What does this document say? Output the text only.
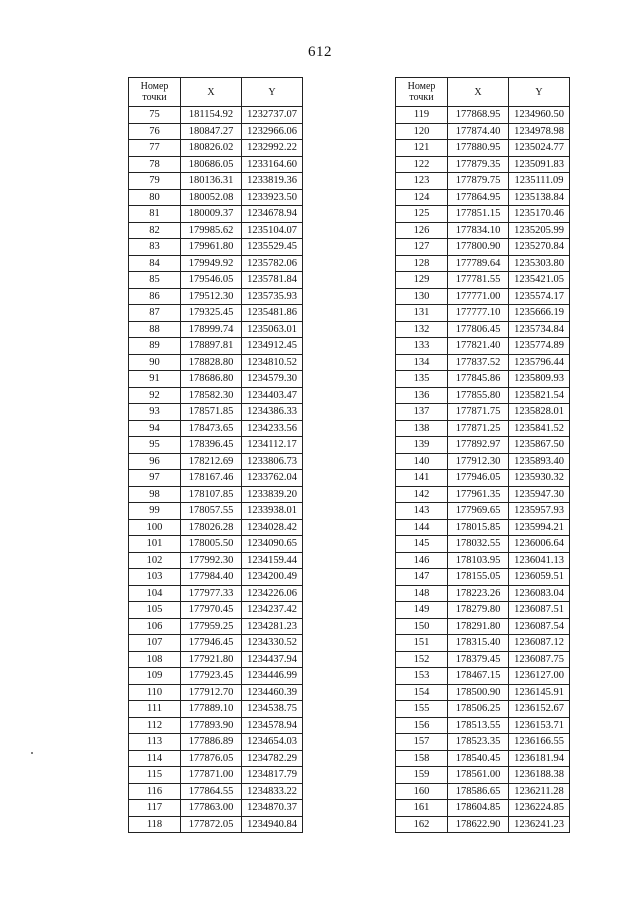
612
Номер
точки	X	Y
75	181154.92	1232737.07
76	180847.27	1232966.06
77	180826.02	1232992.22
78	180686.05	1233164.60
79	180136.31	1233819.36
80	180052.08	1233923.50
81	180009.37	1234678.94
82	179985.62	1235104.07
83	179961.80	1235529.45
84	179949.92	1235782.06
85	179546.05	1235781.84
86	179512.30	1235735.93
87	179325.45	1235481.86
88	178999.74	1235063.01
89	178897.81	1234912.45
90	178828.80	1234810.52
91	178686.80	1234579.30
92	178582.30	1234403.47
93	178571.85	1234386.33
94	178473.65	1234233.56
95	178396.45	1234112.17
96	178212.69	1233806.73
97	178167.46	1233762.04
98	178107.85	1233839.20
99	178057.55	1233938.01
100	178026.28	1234028.42
101	178005.50	1234090.65
102	177992.30	1234159.44
103	177984.40	1234200.49
104	177977.33	1234226.06
105	177970.45	1234237.42
106	177959.25	1234281.23
107	177946.45	1234330.52
108	177921.80	1234437.94
109	177923.45	1234446.99
110	177912.70	1234460.39
111	177889.10	1234538.75
112	177893.90	1234578.94
113	177886.89	1234654.03
114	177876.05	1234782.29
115	177871.00	1234817.79
116	177864.55	1234833.22
117	177863.00	1234870.37
118	177872.05	1234940.84
Номер
точки	X	Y
119	177868.95	1234960.50
120	177874.40	1234978.98
121	177880.95	1235024.77
122	177879.35	1235091.83
123	177879.75	1235111.09
124	177864.95	1235138.84
125	177851.15	1235170.46
126	177834.10	1235205.99
127	177800.90	1235270.84
128	177789.64	1235303.80
129	177781.55	1235421.05
130	177771.00	1235574.17
131	177777.10	1235666.19
132	177806.45	1235734.84
133	177821.40	1235774.89
134	177837.52	1235796.44
135	177845.86	1235809.93
136	177855.80	1235821.54
137	177871.75	1235828.01
138	177871.25	1235841.52
139	177892.97	1235867.50
140	177912.30	1235893.40
141	177946.05	1235930.32
142	177961.35	1235947.30
143	177969.65	1235957.93
144	178015.85	1235994.21
145	178032.55	1236006.64
146	178103.95	1236041.13
147	178155.05	1236059.51
148	178223.26	1236083.04
149	178279.80	1236087.51
150	178291.80	1236087.54
151	178315.40	1236087.12
152	178379.45	1236087.75
153	178467.15	1236127.00
154	178500.90	1236145.91
155	178506.25	1236152.67
156	178513.55	1236153.71
157	178523.35	1236166.55
158	178540.45	1236181.94
159	178561.00	1236188.38
160	178586.65	1236211.28
161	178604.85	1236224.85
162	178622.90	1236241.23
